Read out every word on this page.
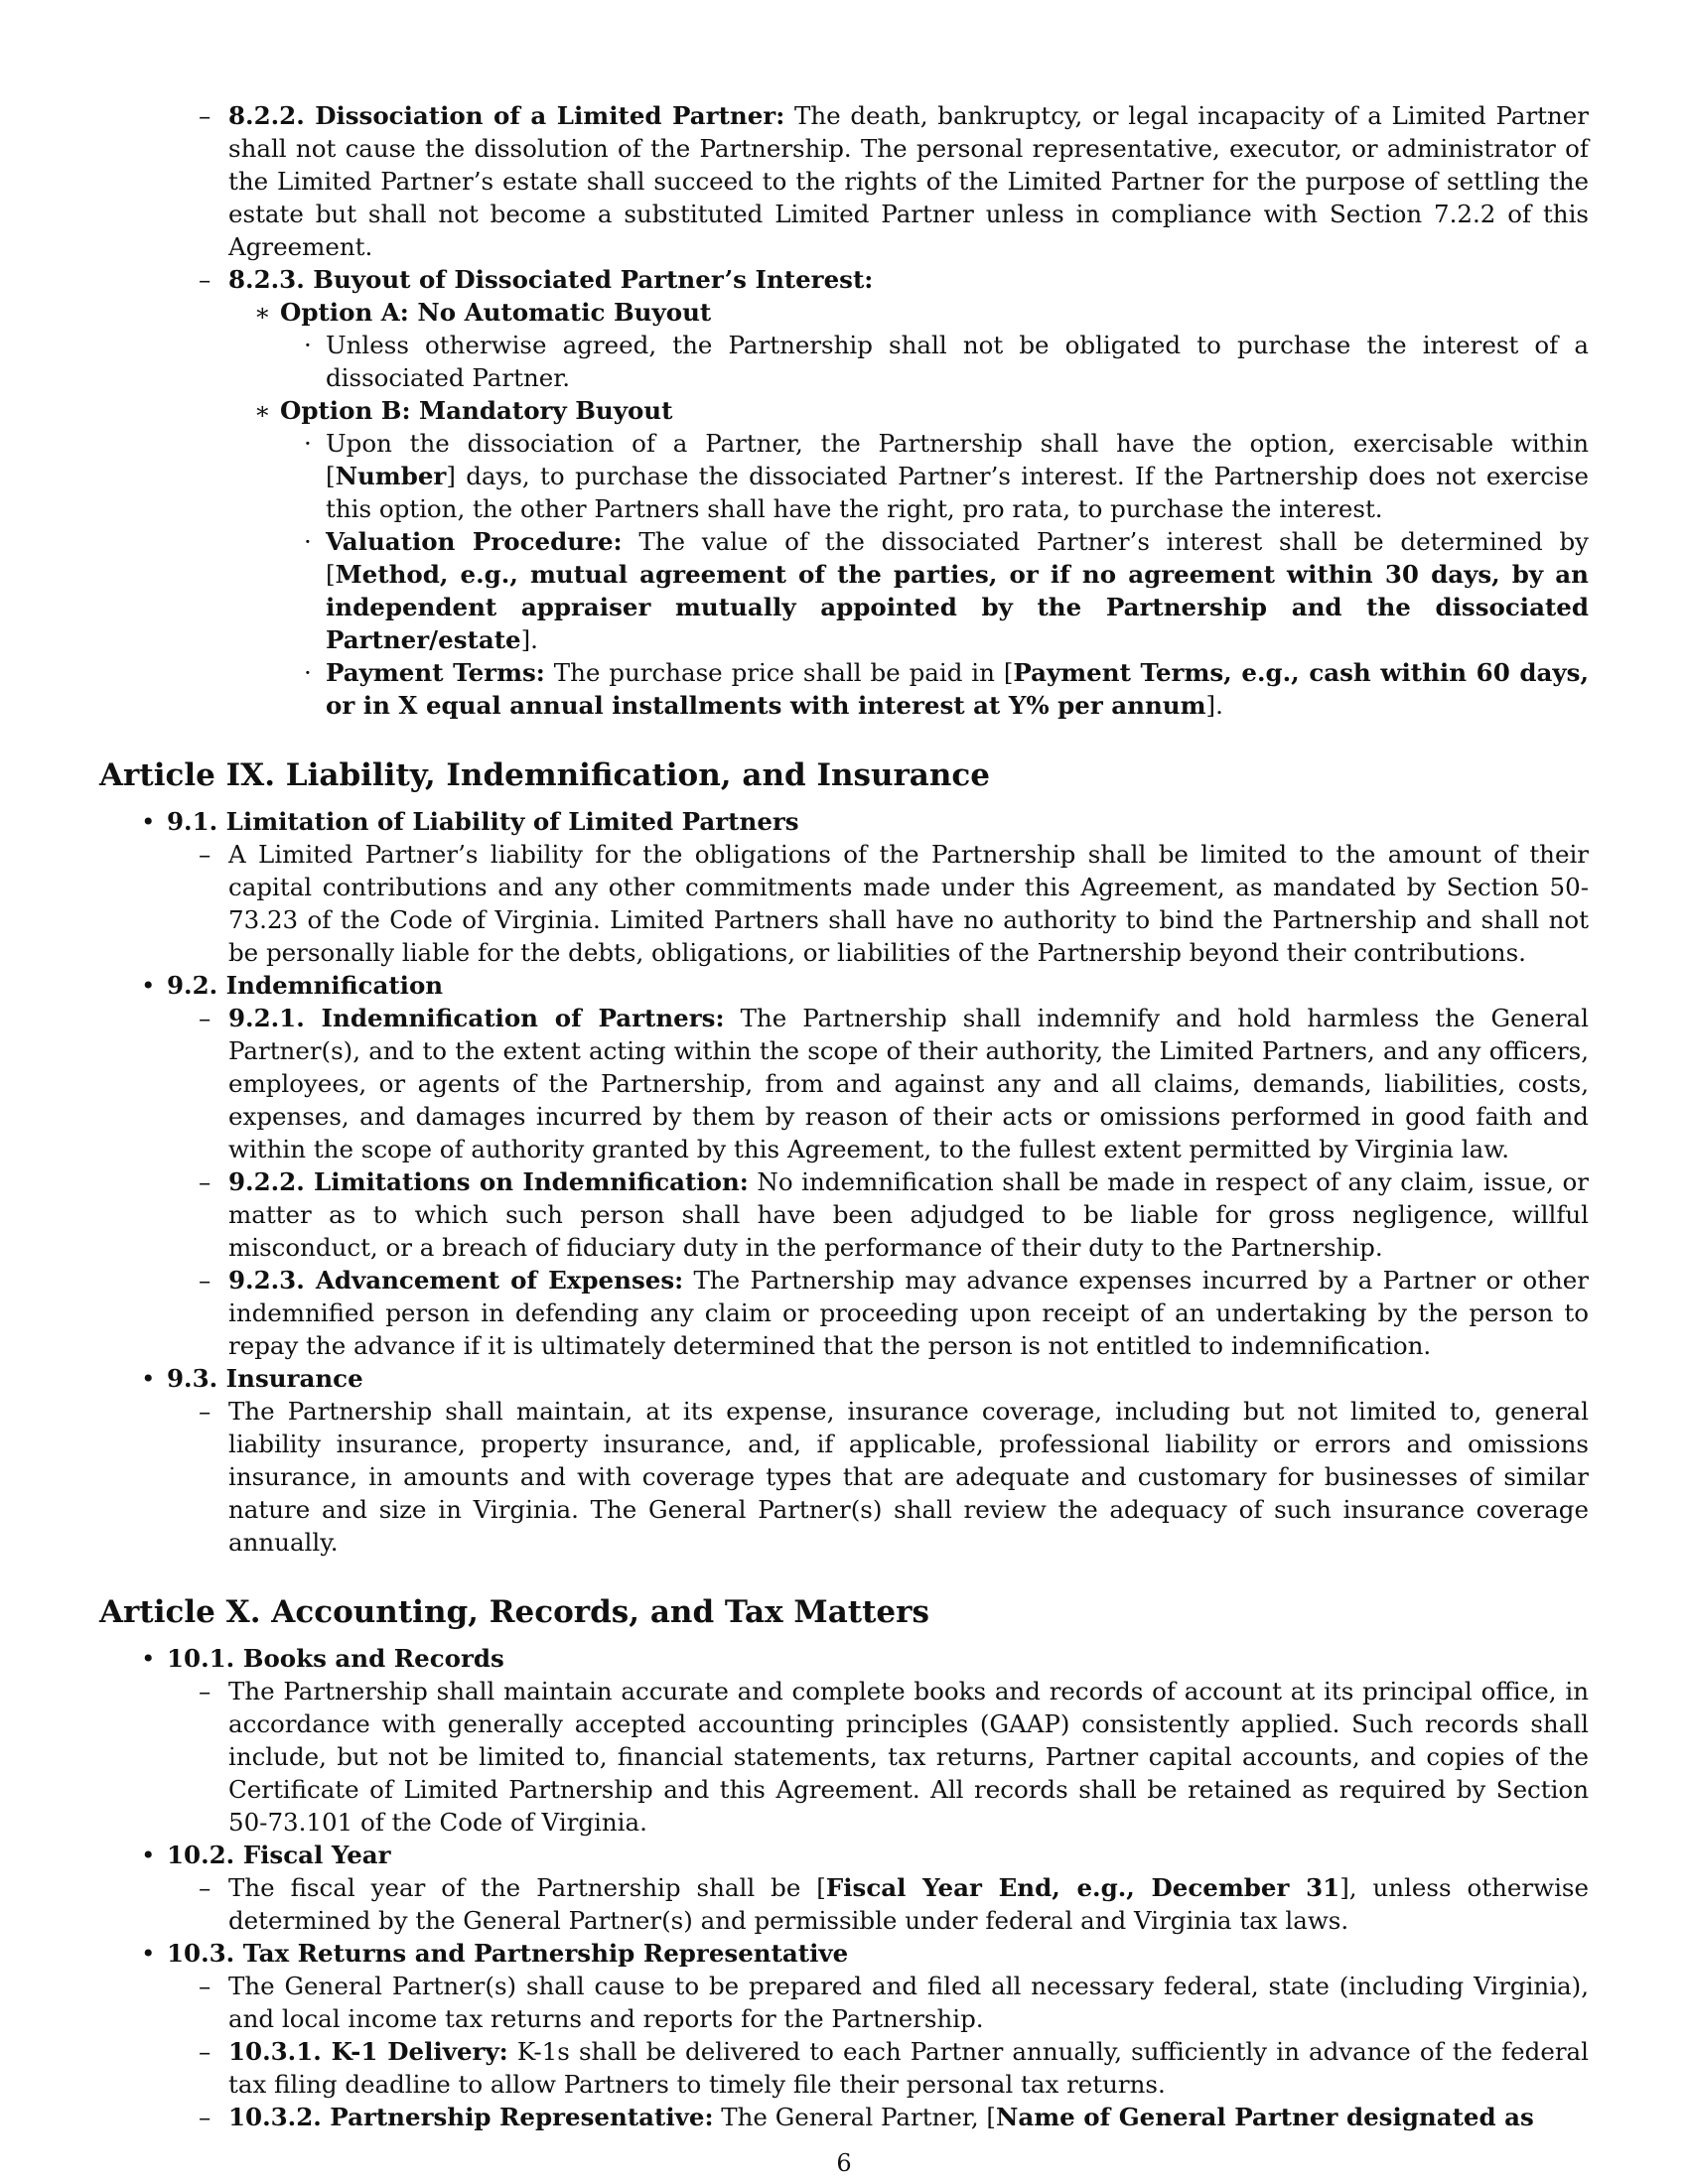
– 8.2.2. Dissociation of a Limited Partner: The death, bankruptcy, or legal incapacity of a Limited Partner shall not cause the dissolution of the Partnership. The personal representative, executor, or administrator of the Limited Partner’s estate shall succeed to the rights of the Limited Partner for the purpose of settling the estate but shall not become a substituted Limited Partner unless in compliance with Section 7.2.2 of this Agreement.
– 8.2.3. Buyout of Dissociated Partner’s Interest:
∗ Option A: No Automatic Buyout
· Unless otherwise agreed, the Partnership shall not be obligated to purchase the interest of a dissociated Partner.
∗ Option B: Mandatory Buyout
· Upon the dissociation of a Partner, the Partnership shall have the option, exercisable within [Number] days, to purchase the dissociated Partner’s interest. If the Partnership does not exercise this option, the other Partners shall have the right, pro rata, to purchase the interest.
· Valuation Procedure: The value of the dissociated Partner’s interest shall be determined by [Method, e.g., mutual agreement of the parties, or if no agreement within 30 days, by an independent appraiser mutually appointed by the Partnership and the dissociated Partner/estate].
· Payment Terms: The purchase price shall be paid in [Payment Terms, e.g., cash within 60 days, or in X equal annual installments with interest at Y% per annum].
Article IX. Liability, Indemnification, and Insurance
• 9.1. Limitation of Liability of Limited Partners
– A Limited Partner’s liability for the obligations of the Partnership shall be limited to the amount of their capital contributions and any other commitments made under this Agreement, as mandated by Section 50-73.23 of the Code of Virginia. Limited Partners shall have no authority to bind the Partnership and shall not be personally liable for the debts, obligations, or liabilities of the Partnership beyond their contributions.
• 9.2. Indemnification
– 9.2.1. Indemnification of Partners: The Partnership shall indemnify and hold harmless the General Partner(s), and to the extent acting within the scope of their authority, the Limited Partners, and any officers, employees, or agents of the Partnership, from and against any and all claims, demands, liabilities, costs, expenses, and damages incurred by them by reason of their acts or omissions performed in good faith and within the scope of authority granted by this Agreement, to the fullest extent permitted by Virginia law.
– 9.2.2. Limitations on Indemnification: No indemnification shall be made in respect of any claim, issue, or matter as to which such person shall have been adjudged to be liable for gross negligence, willful misconduct, or a breach of fiduciary duty in the performance of their duty to the Partnership.
– 9.2.3. Advancement of Expenses: The Partnership may advance expenses incurred by a Partner or other indemnified person in defending any claim or proceeding upon receipt of an undertaking by the person to repay the advance if it is ultimately determined that the person is not entitled to indemnification.
• 9.3. Insurance
– The Partnership shall maintain, at its expense, insurance coverage, including but not limited to, general liability insurance, property insurance, and, if applicable, professional liability or errors and omissions insurance, in amounts and with coverage types that are adequate and customary for businesses of similar nature and size in Virginia. The General Partner(s) shall review the adequacy of such insurance coverage annually.
Article X. Accounting, Records, and Tax Matters
• 10.1. Books and Records
– The Partnership shall maintain accurate and complete books and records of account at its principal office, in accordance with generally accepted accounting principles (GAAP) consistently applied. Such records shall include, but not be limited to, financial statements, tax returns, Partner capital accounts, and copies of the Certificate of Limited Partnership and this Agreement. All records shall be retained as required by Section 50-73.101 of the Code of Virginia.
• 10.2. Fiscal Year
– The fiscal year of the Partnership shall be [Fiscal Year End, e.g., December 31], unless otherwise determined by the General Partner(s) and permissible under federal and Virginia tax laws.
• 10.3. Tax Returns and Partnership Representative
– The General Partner(s) shall cause to be prepared and filed all necessary federal, state (including Virginia), and local income tax returns and reports for the Partnership.
– 10.3.1. K-1 Delivery: K-1s shall be delivered to each Partner annually, sufficiently in advance of the federal tax filing deadline to allow Partners to timely file their personal tax returns.
– 10.3.2. Partnership Representative: The General Partner, [Name of General Partner designated as
6
